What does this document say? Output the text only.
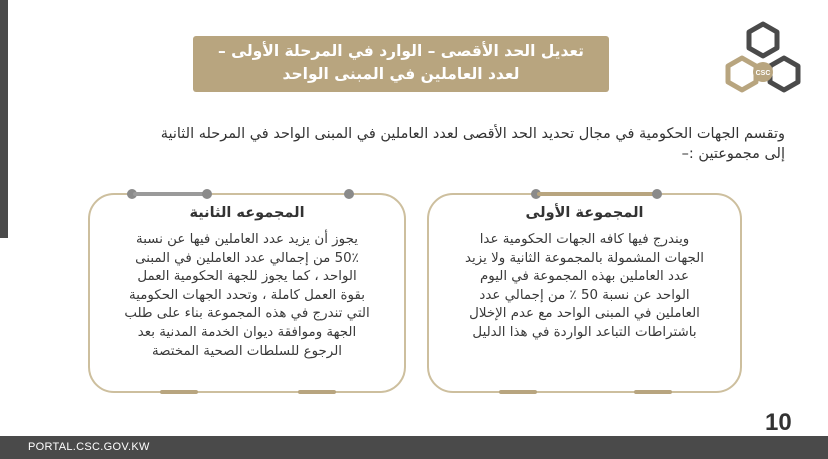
CSC
تعديل الحد الأقصى – الوارد في المرحلة الأولى –
لعدد العاملين في المبنى الواحد
وتقسم الجهات الحكومية في مجال تحديد الحد الأقصى لعدد العاملين في المبنى الواحد في المرحله الثانية
إلى مجموعتين :–
المجموعة الأولى
ويندرج فيها كافه الجهات الحكومية عدا
الجهات المشمولة بالمجموعة الثانية ولا يزيد
عدد العاملين بهذه المجموعة في اليوم
الواحد عن نسبة 50 ٪ من إجمالي عدد
العاملين في المبنى الواحد مع عدم الإخلال
باشتراطات التباعد الواردة في هذا الدليل
المجموعه الثانية
يجوز أن يزيد عدد العاملين فيها عن نسبة
50٪ من إجمالي عدد العاملين في المبنى
الواحد ، كما يجوز للجهة الحكومية العمل
بقوة العمل كاملة ، وتحدد الجهات الحكومية
التي تندرج في هذه المجموعة بناء على طلب
الجهة وموافقة ديوان الخدمة المدنية بعد
الرجوع للسلطات الصحية المختصة
10
PORTAL.CSC.GOV.KW
